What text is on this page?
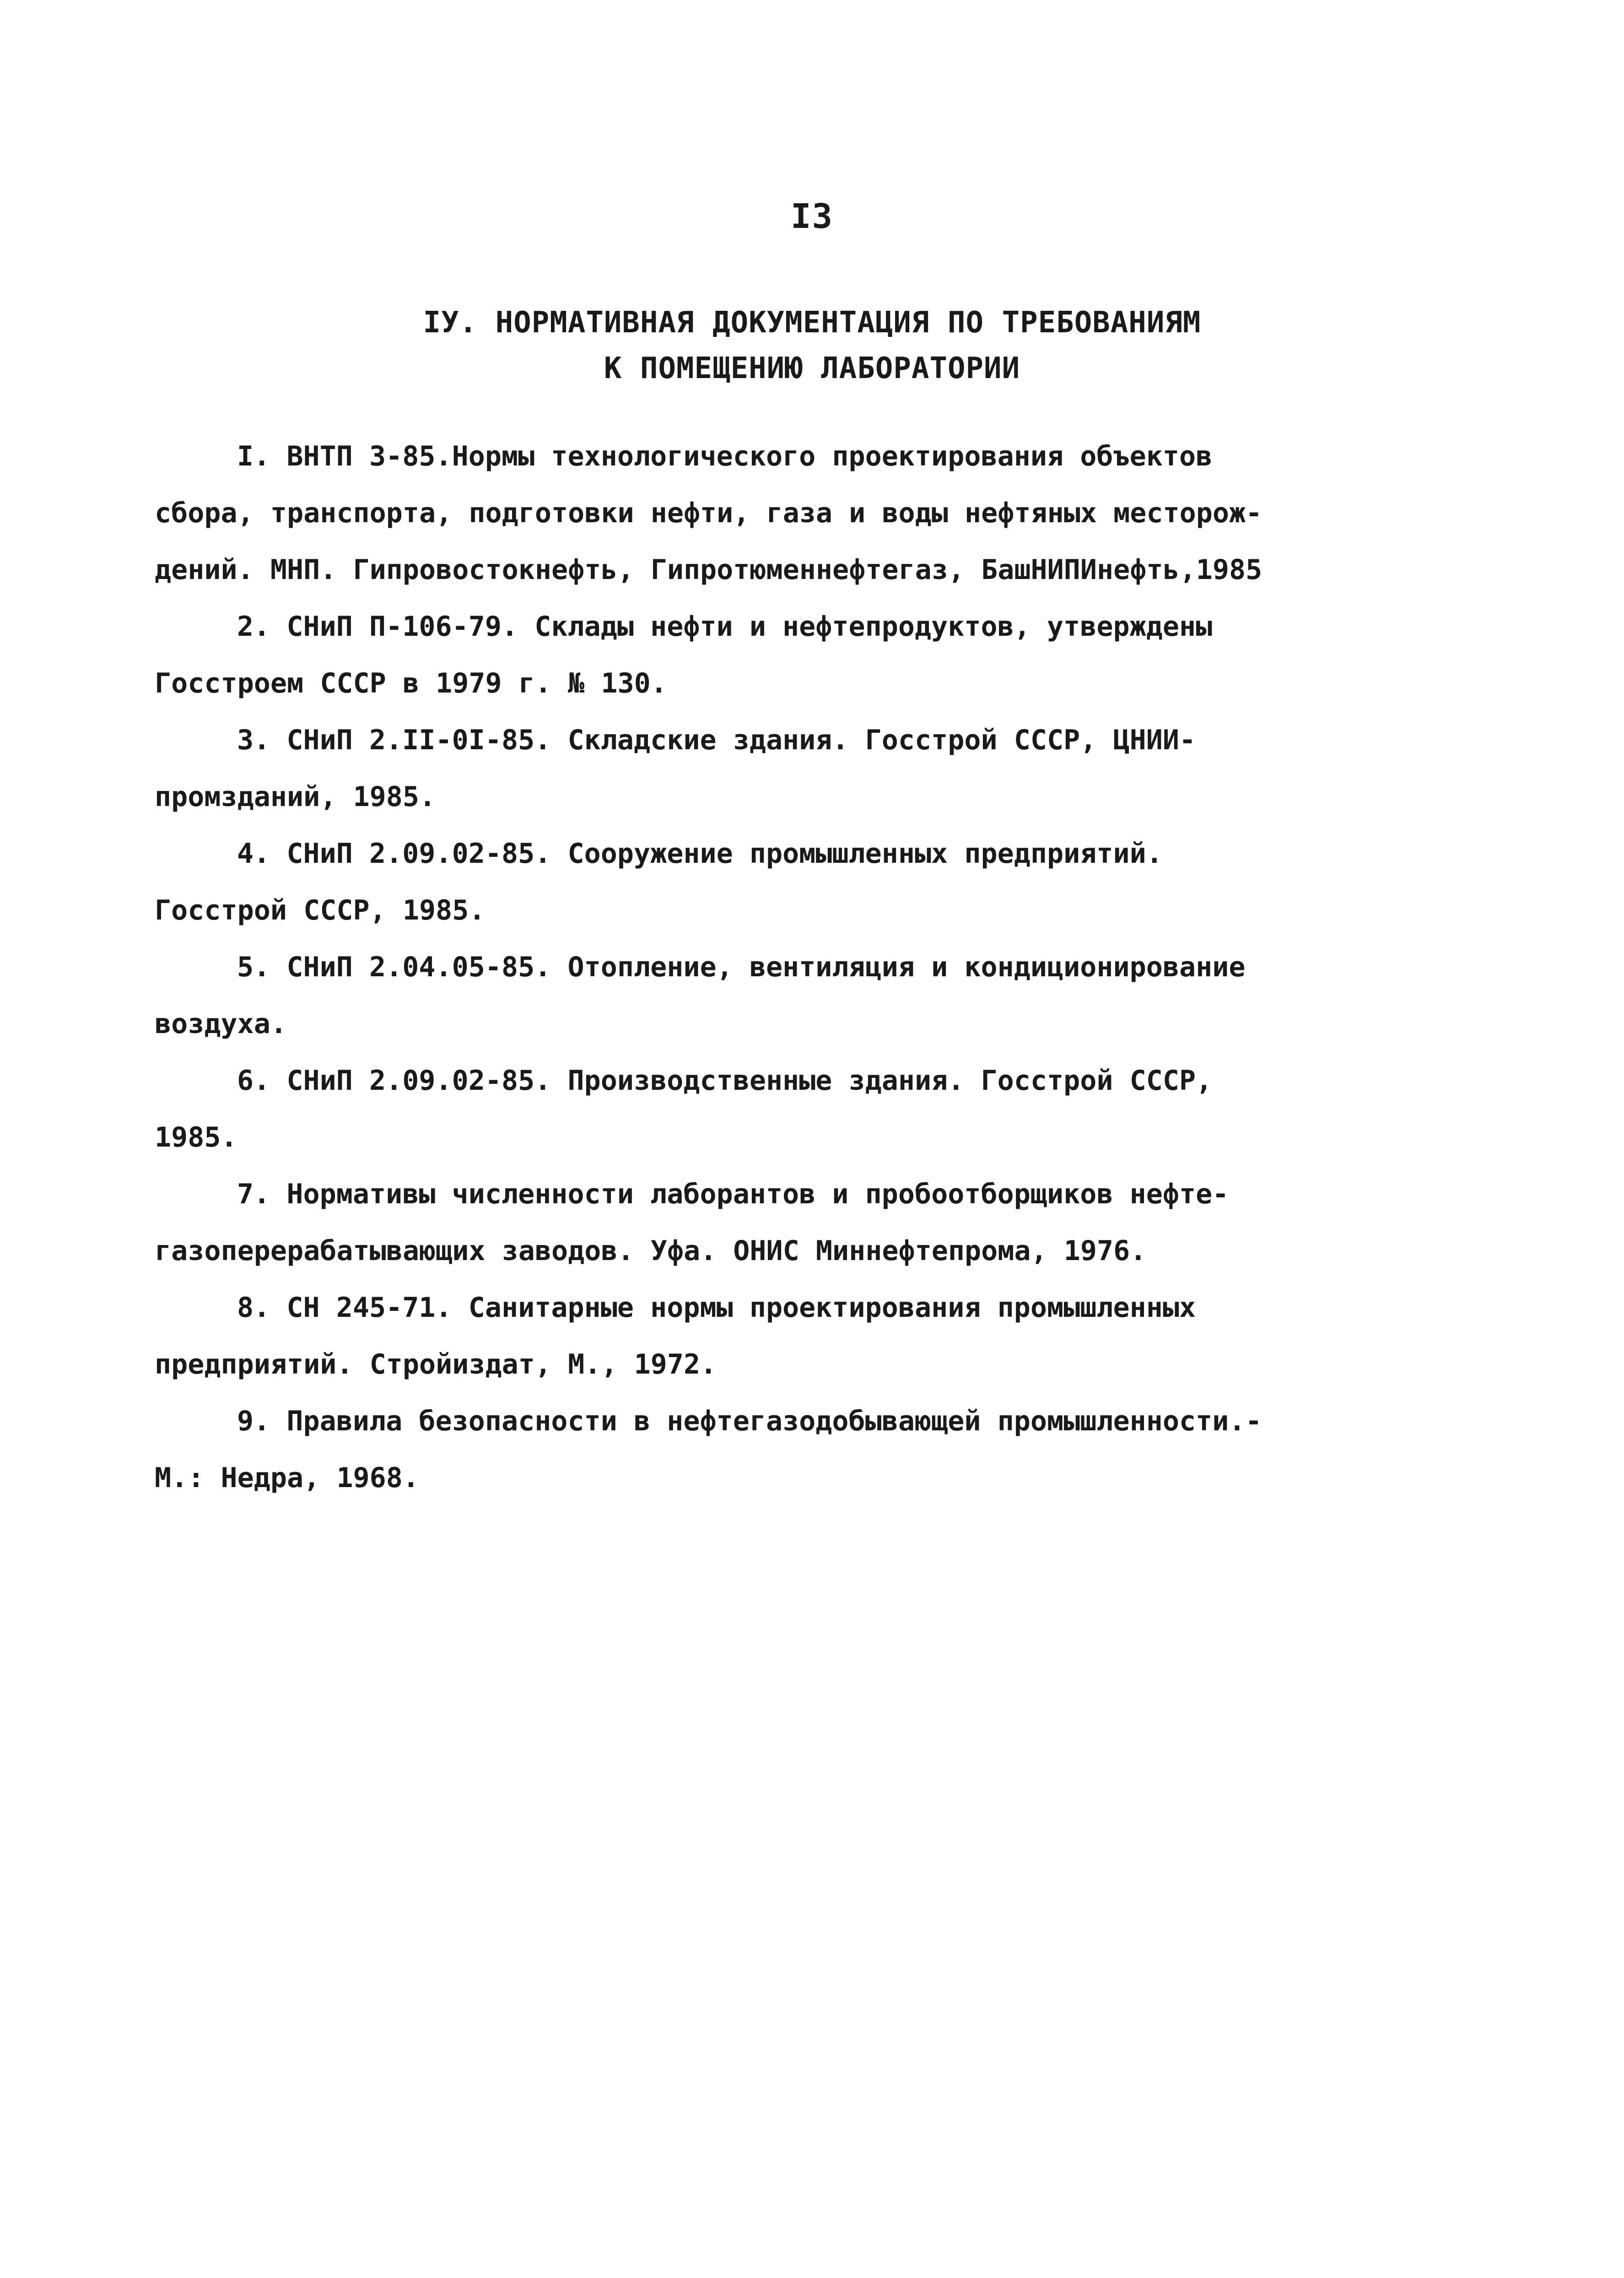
I3
IУ. НОРМАТИВНАЯ ДОКУМЕНТАЦИЯ ПО ТРЕБОВАНИЯМ
К ПОМЕЩЕНИЮ ЛАБОРАТОРИИ
I. ВНТП 3-85.Нормы технологического проектирования объектов
сбора, транспорта, подготовки нефти, газа и воды нефтяных месторож-
дений. МНП. Гипровостокнефть, Гипротюменнефтегаз, БашНИПИнефть,1985
2. СНиП П-106-79. Склады нефти и нефтепродуктов, утверждены
Госстроем СССР в 1979 г. № 130.
3. СНиП 2.II-0I-85. Складские здания. Госстрой СССР, ЦНИИ-
промзданий, 1985.
4. СНиП 2.09.02-85. Сооружение промышленных предприятий.
Госстрой СССР, 1985.
5. СНиП 2.04.05-85. Отопление, вентиляция и кондиционирование
воздуха.
6. СНиП 2.09.02-85. Производственные здания. Госстрой СССР,
1985.
7. Нормативы численности лаборантов и пробоотборщиков нефте-
газоперерабатывающих заводов. Уфа. ОНИС Миннефтепрома, 1976.
8. СН 245-71. Санитарные нормы проектирования промышленных
предприятий. Стройиздат, М., 1972.
9. Правила безопасности в нефтегазодобывающей промышленности.-
М.: Недра, 1968.
